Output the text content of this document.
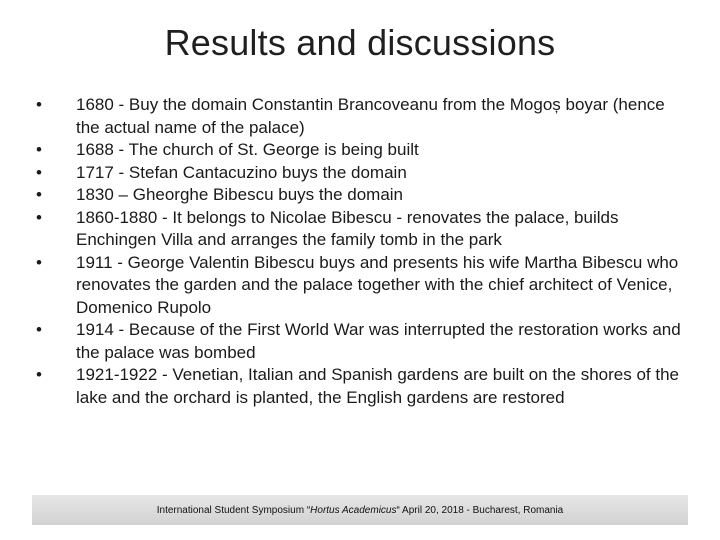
Results and discussions
• 1680 - Buy the domain Constantin Brancoveanu from the Mogoș boyar (hence the actual name of the palace)
• 1688 - The church of St. George is being built
• 1717 - Stefan Cantacuzino buys the domain
• 1830 – Gheorghe Bibescu buys the domain
• 1860-1880 - It belongs to Nicolae Bibescu - renovates the palace, builds Enchingen Villa and arranges the family tomb in the park
• 1911 - George Valentin Bibescu buys and presents his wife Martha Bibescu who renovates the garden and the palace together with the chief architect of Venice, Domenico Rupolo
• 1914 - Because of the First World War was interrupted the restoration works and the palace was bombed
• 1921-1922 - Venetian, Italian and Spanish gardens are built on the shores of the lake and the orchard is planted, the English gardens are restored
International Student Symposium “ Hortus Academicus “ April 20, 2018 - Bucharest, Romania
